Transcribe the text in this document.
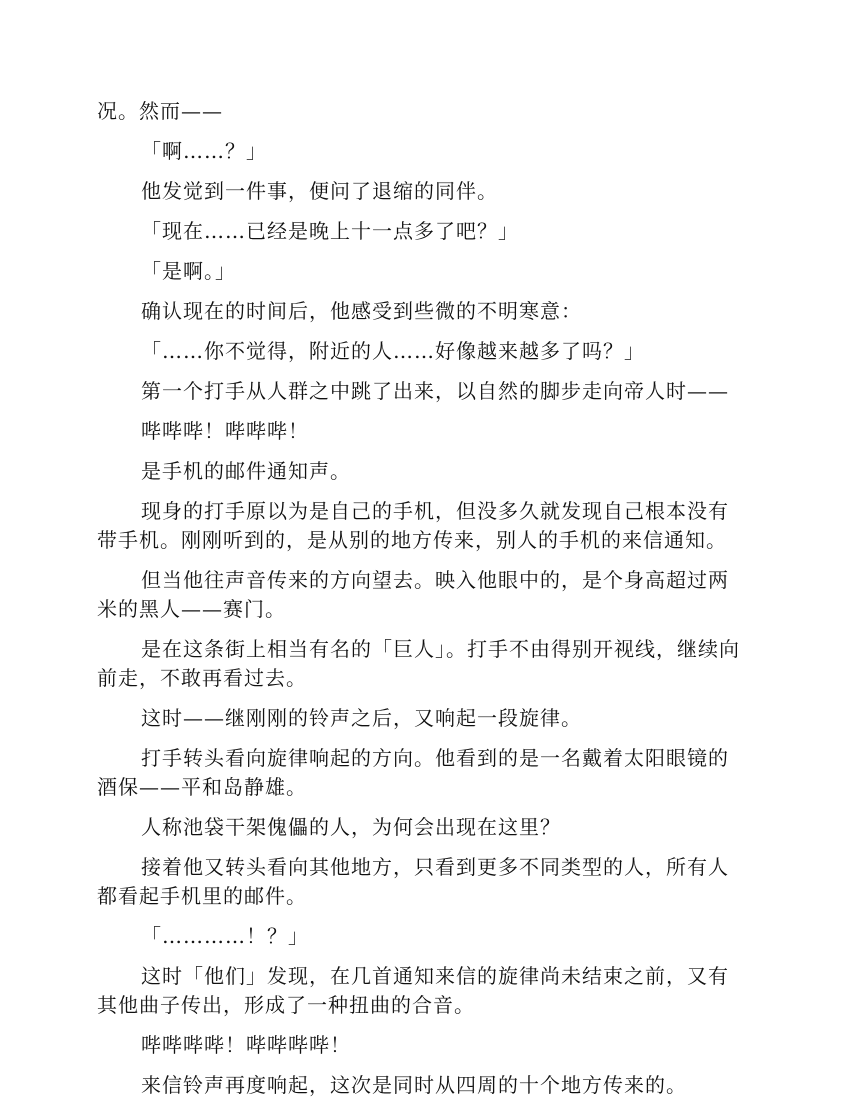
况。然而——

「啊……？」

他发觉到一件事，便问了退缩的同伴。

「现在……已经是晚上十一点多了吧？」

「是啊。」

确认现在的时间后，他感受到些微的不明寒意：

「……你不觉得，附近的人……好像越来越多了吗？」

第一个打手从人群之中跳了出来，以自然的脚步走向帝人时——

哔哔哔！哔哔哔！

是手机的邮件通知声。

现身的打手原以为是自己的手机，但没多久就发现自己根本没有带手机。刚刚听到的，是从别的地方传来，别人的手机的来信通知。

但当他往声音传来的方向望去。映入他眼中的，是个身高超过两米的黑人——赛门。

是在这条街上相当有名的「巨人」。打手不由得别开视线，继续向前走，不敢再看过去。

这时——继刚刚的铃声之后，又响起一段旋律。

打手转头看向旋律响起的方向。他看到的是一名戴着太阳眼镜的酒保——平和岛静雄。

人称池袋干架傀儡的人，为何会出现在这里？

接着他又转头看向其他地方，只看到更多不同类型的人，所有人都看起手机里的邮件。

「…………！？」

这时「他们」发现，在几首通知来信的旋律尚未结束之前，又有其他曲子传出，形成了一种扭曲的合音。

哔哔哔哔！哔哔哔哔！

来信铃声再度响起，这次是同时从四周的十个地方传来的。
